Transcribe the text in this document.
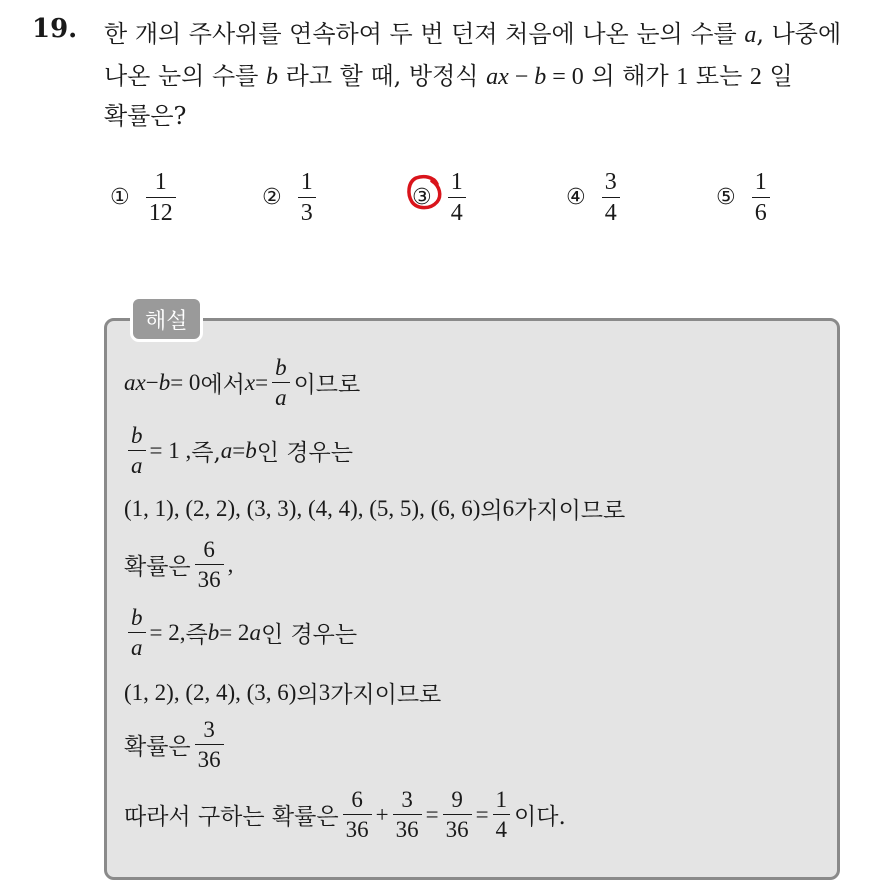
19. 한 개의 주사위를 연속하여 두 번 던져 처음에 나온 눈의 수를 a, 나중에
나온 눈의 수를 b 라고 할 때, 방정식 ax − b = 0 의 해가 1 또는 2 일
확률은?
① $\frac{1}{12}$	② $\frac{1}{3}$	③ $\frac{1}{4}$	④ $\frac{3}{4}$	⑤ $\frac{1}{6}$
해설
ax − b = 0 에서 $x = \frac{b}{a}$ 이므로
$\frac{b}{a} = 1$ , 즉, a = b 인 경우는
(1, 1), (2, 2), (3, 3), (4, 4), (5, 5), (6, 6) 의 6 가지이므로
확률은 $\frac{6}{36}$ ,
$\frac{b}{a} = 2$, 즉 b = 2 a 인 경우는
(1, 2), (2, 4), (3, 6) 의 3 가지이므로
확률은 $\frac{3}{36}$
따라서 구하는 확률은 $\frac{6}{36} + \frac{3}{36} = \frac{9}{36} = \frac{1}{4}$ 이다.
